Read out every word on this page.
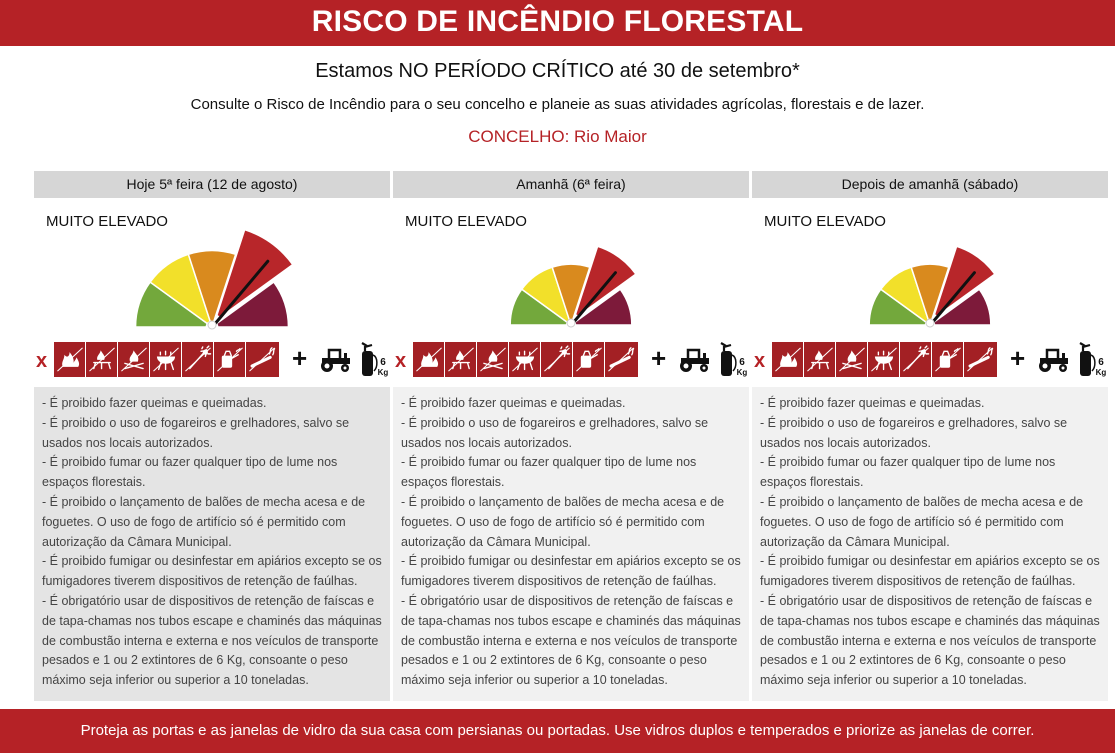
RISCO DE INCÊNDIO FLORESTAL
Estamos NO PERÍODO CRÍTICO até 30 de setembro*
Consulte o Risco de Incêndio para o seu concelho e planeie as suas atividades agrícolas, florestais e de lazer.
CONCELHO: Rio Maior
Hoje 5ª feira (12 de agosto)
MUITO ELEVADO
x	+	6
Kg

- É proibido fazer queimas e queimadas.

- É proibido o uso de fogareiros e grelhadores, salvo se usados nos locais autorizados.

- É proibido fumar ou fazer qualquer tipo de lume nos espaços florestais.

- É proibido o lançamento de balões de mecha acesa e de foguetes. O uso de fogo de artifício só é permitido com autorização da Câmara Municipal.

- É proibido fumigar ou desinfestar em apiários excepto se os fumigadores tiverem dispositivos de retenção de faúlhas.

- É obrigatório usar de dispositivos de retenção de faíscas e de tapa-chamas nos tubos escape e chaminés das máquinas de combustão interna e externa e nos veículos de transporte pesados e 1 ou 2 extintores de 6 Kg, consoante o peso máximo seja inferior ou superior a 10 toneladas.

Amanhã (6ª feira)
MUITO ELEVADO
x	+	6
Kg

- É proibido fazer queimas e queimadas.

- É proibido o uso de fogareiros e grelhadores, salvo se usados nos locais autorizados.

- É proibido fumar ou fazer qualquer tipo de lume nos espaços florestais.

- É proibido o lançamento de balões de mecha acesa e de foguetes. O uso de fogo de artifício só é permitido com autorização da Câmara Municipal.

- É proibido fumigar ou desinfestar em apiários excepto se os fumigadores tiverem dispositivos de retenção de faúlhas.

- É obrigatório usar de dispositivos de retenção de faíscas e de tapa-chamas nos tubos escape e chaminés das máquinas de combustão interna e externa e nos veículos de transporte pesados e 1 ou 2 extintores de 6 Kg, consoante o peso máximo seja inferior ou superior a 10 toneladas.

Depois de amanhã (sábado)
MUITO ELEVADO
x	+	6
Kg

- É proibido fazer queimas e queimadas.

- É proibido o uso de fogareiros e grelhadores, salvo se usados nos locais autorizados.

- É proibido fumar ou fazer qualquer tipo de lume nos espaços florestais.

- É proibido o lançamento de balões de mecha acesa e de foguetes. O uso de fogo de artifício só é permitido com autorização da Câmara Municipal.

- É proibido fumigar ou desinfestar em apiários excepto se os fumigadores tiverem dispositivos de retenção de faúlhas.

- É obrigatório usar de dispositivos de retenção de faíscas e de tapa-chamas nos tubos escape e chaminés das máquinas de combustão interna e externa e nos veículos de transporte pesados e 1 ou 2 extintores de 6 Kg, consoante o peso máximo seja inferior ou superior a 10 toneladas.

Proteja as portas e as janelas de vidro da sua casa com persianas ou portadas. Use vidros duplos e temperados e priorize as janelas de correr.
